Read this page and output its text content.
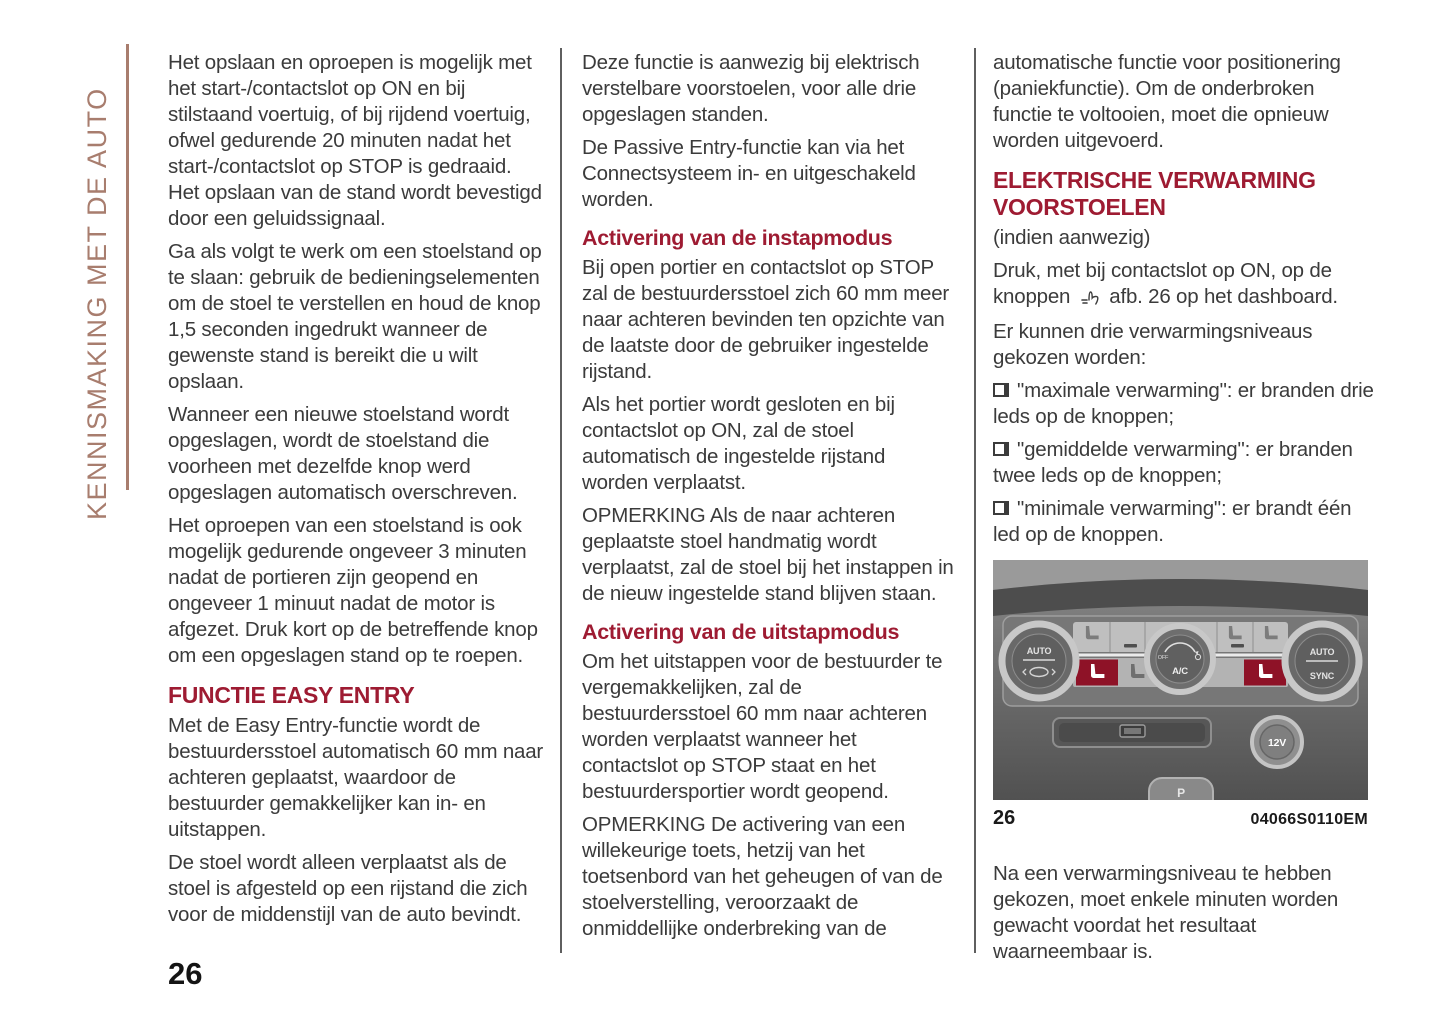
KENNISMAKING MET DE AUTO

Het opslaan en oproepen is mogelijk met het start-/contactslot op ON en bij stilstaand voertuig, of bij rijdend voertuig, ofwel gedurende 20 minuten nadat het start-/contactslot op STOP is gedraaid. Het opslaan van de stand wordt bevestigd door een geluidssignaal.

Ga als volgt te werk om een stoelstand op te slaan: gebruik de bedieningselementen om de stoel te verstellen en houd de knop 1,5 seconden ingedrukt wanneer de gewenste stand is bereikt die u wilt opslaan.

Wanneer een nieuwe stoelstand wordt opgeslagen, wordt de stoelstand die voorheen met dezelfde knop werd opgeslagen automatisch overschreven.

Het oproepen van een stoelstand is ook mogelijk gedurende ongeveer 3 minuten nadat de portieren zijn geopend en ongeveer 1 minuut nadat de motor is afgezet. Druk kort op de betreffende knop om een opgeslagen stand op te roepen.

FUNCTIE EASY ENTRY

Met de Easy Entry-functie wordt de bestuurdersstoel automatisch 60 mm naar achteren geplaatst, waardoor de bestuurder gemakkelijker kan in- en uitstappen.

De stoel wordt alleen verplaatst als de stoel is afgesteld op een rijstand die zich voor de middenstijl van de auto bevindt.

Deze functie is aanwezig bij elektrisch verstelbare voorstoelen, voor alle drie opgeslagen standen.

De Passive Entry-functie kan via het Connectsysteem in- en uitgeschakeld worden.

Activering van de instapmodus

Bij open portier en contactslot op STOP zal de bestuurdersstoel zich 60 mm meer naar achteren bevinden ten opzichte van de laatste door de gebruiker ingestelde rijstand.

Als het portier wordt gesloten en bij contactslot op ON, zal de stoel automatisch de ingestelde rijstand worden verplaatst.

OPMERKING Als de naar achteren geplaatste stoel handmatig wordt verplaatst, zal de stoel bij het instappen in de nieuw ingestelde stand blijven staan.

Activering van de uitstapmodus

Om het uitstappen voor de bestuurder te vergemakkelijken, zal de bestuurdersstoel 60 mm naar achteren worden verplaatst wanneer het contactslot op STOP staat en het bestuurdersportier wordt geopend.

OPMERKING De activering van een willekeurige toets, hetzij van het toetsenbord van het geheugen of van de stoelverstelling, veroorzaakt de onmiddellijke onderbreking van de

automatische functie voor positionering (paniekfunctie). Om de onderbroken functie te voltooien, moet die opnieuw worden uitgevoerd.

ELEKTRISCHE VERWARMING VOORSTOELEN

(indien aanwezig)

Druk, met bij contactslot op ON, op de knoppen afb. 26 op het dashboard.

Er kunnen drie verwarmingsniveaus gekozen worden:

"maximale verwarming": er branden drie leds op de knoppen;

"gemiddelde verwarming": er branden twee leds op de knoppen;

"minimale verwarming": er brandt één led op de knoppen.

AUTO
OFF
A/C
AUTO
SYNC
12V
P
26	04066S0110EM

Na een verwarmingsniveau te hebben gekozen, moet enkele minuten worden gewacht voordat het resultaat waarneembaar is.

26
